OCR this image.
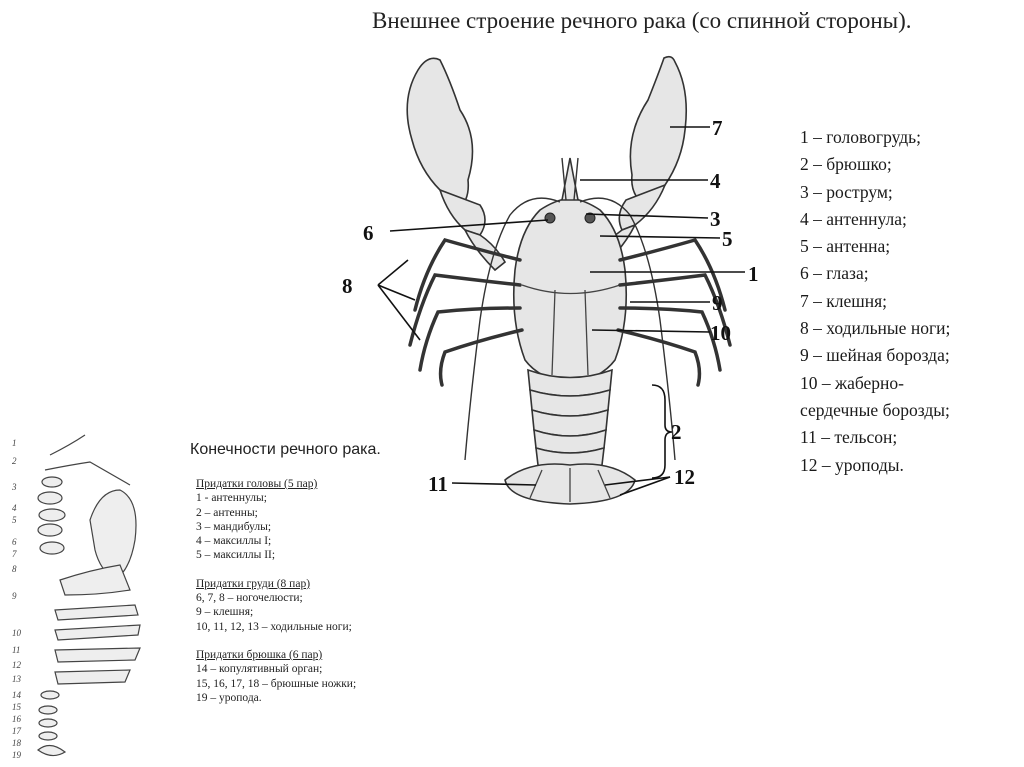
Внешнее строение речного рака (со спинной стороны).
7
4
3
6	5
1
8
9
10
2
11	12
1 – головогрудь;
2 – брюшко;
3 – рострум;
4 – антеннула;
5 – антенна;
6 – глаза;
7 – клешня;
8 – ходильные ноги;
9 – шейная борозда;
10 – жаберно-
сердечные борозды;
11 – тельсон;
12 – уроподы.
1
2
3
4
5
6
7
8
9
10
11
12
13
14
15
16
17
18
19
Конечности речного рака.
Придатки головы (5 пар)
1 - антеннулы;
2 – антенны;
3 – мандибулы;
4 – максиллы I;
5 – максиллы II;
Придатки груди (8 пар)
6, 7, 8 – ногочелюсти;
9 – клешня;
10, 11, 12, 13 – ходильные ноги;
Придатки брюшка (6 пар)
14 – копулятивный орган;
15, 16, 17, 18 – брюшные ножки;
19 – уропода.
